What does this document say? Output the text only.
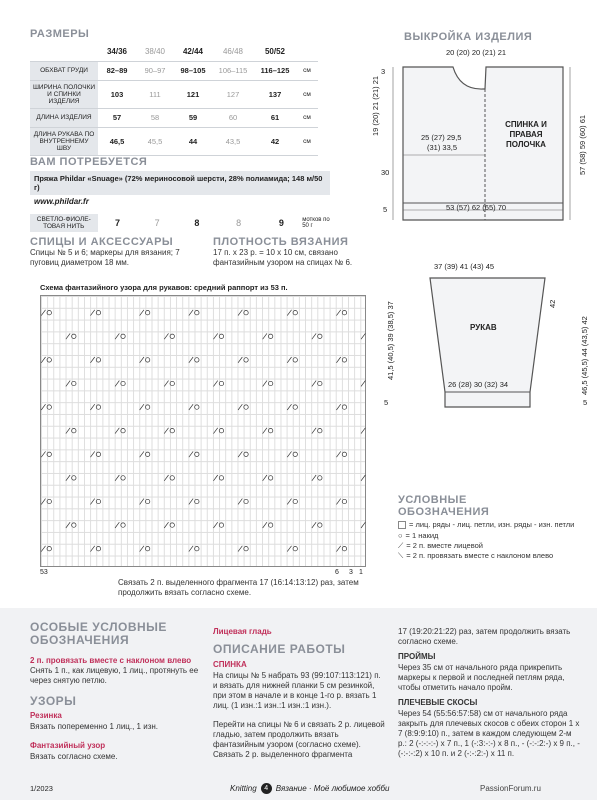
РАЗМЕРЫ
	34/36	38/40	42/44	46/48	50/52	
ОБХВАТ ГРУДИ	82–89	90–97	98–105	106–115	116–125	см
ШИРИНА ПОЛОЧКИ И СПИНКИ ИЗДЕЛИЯ	103	111	121	127	137	см
ДЛИНА ИЗДЕЛИЯ	57	58	59	60	61	см
ДЛИНА РУКАВА ПО ВНУТРЕННЕМУ ШВУ	46,5	45,5	44	43,5	42	см
ВАМ ПОТРЕБУЕТСЯ
Пряжа Phildar «Snuage» (72% мериносовой шерсти, 28% полиамида; 148 м/50 г)
www.phildar.fr
СВЕТЛО-ФИОЛЕ-ТОВАЯ НИТЬ	7	7	8	8	9	мотков по 50 г
СПИЦЫ И АКСЕССУАРЫ
Спицы № 5 и 6; маркеры для вязания; 7 пуговиц диаметром 18 мм.
ПЛОТНОСТЬ ВЯЗАНИЯ
17 п. х 23 р. = 10 х 10 см, связано фантазийным узором на спицах № 6.
Схема фантазийного узора для рукавов: средний раппорт из 53 п.
53	6 3 1
Связать 2 п. выделенного фрагмента 17 (16:14:13:12) раз, затем продолжить вязать согласно схеме.
ВЫКРОЙКА ИЗДЕЛИЯ
20 (20) 20 (21) 21
3
19 (20) 21 (21) 21
30
5
25 (27) 29,5
(31) 33,5
СПИНКА И ПРАВАЯ ПОЛОЧКА	57 (58) 59 (60) 61
53 (57) 62 (65) 70
37 (39) 41 (43) 45
41,5 (40,5) 39 (38,5) 37
5
РУКАВ
26 (28) 30 (32) 34
42
46,5 (45,5) 44 (43,5) 42
5
УСЛОВНЫЕ ОБОЗНАЧЕНИЯ
= лиц. ряды - лиц. петли, изн. ряды - изн. петли
○ = 1 накид
⟋ = 2 п. вместе лицевой
⟍ = 2 п. провязать вместе с наклоном влево
ОСОБЫЕ УСЛОВНЫЕ ОБОЗНАЧЕНИЯ
2 п. провязать вместе с наклоном влево
Снять 1 п., как лицевую, 1 лиц., протянуть ее через снятую петлю.
УЗОРЫ
Резинка
Вязать попеременно 1 лиц., 1 изн.
Фантазийный узор
Вязать согласно схеме.
Лицевая гладь
ОПИСАНИЕ РАБОТЫ
СПИНКА
На спицы № 5 набрать 93 (99:107:113:121) п. и вязать для нижней планки 5 см резинкой, при этом в начале и в конце 1-го р. вязать 1 лиц. (1 изн.:1 изн.:1 изн.:1 изн.).
Перейти на спицы № 6 и связать 2 р. лицевой гладью, затем продолжить вязать фантазийным узором (согласно схеме). Связать 2 р. выделенного фрагмента
17 (19:20:21:22) раз, затем продолжить вязать согласно схеме.
ПРОЙМЫ
Через 35 см от начального ряда прикрепить маркеры к первой и последней петлям ряда, чтобы отметить начало пройм.
ПЛЕЧЕВЫЕ СКОСЫ
Через 54 (55:56:57:58) см от начального ряда закрыть для плечевых скосов с обеих сторон 1 х 7 (8:9:9:10) п., затем в каждом следующем 2-м р.: 2 (-:-:-:-) х 7 п., 1 (-:3:-:-) х 8 п., - (-:-:2:-) х 9 п., - (-:-:-:2) х 10 п. и 2 (-:-:2:-) х 11 п.
1/2023	Knitting	4 Вязание · Моё любимое хобби	PassionForum.ru
